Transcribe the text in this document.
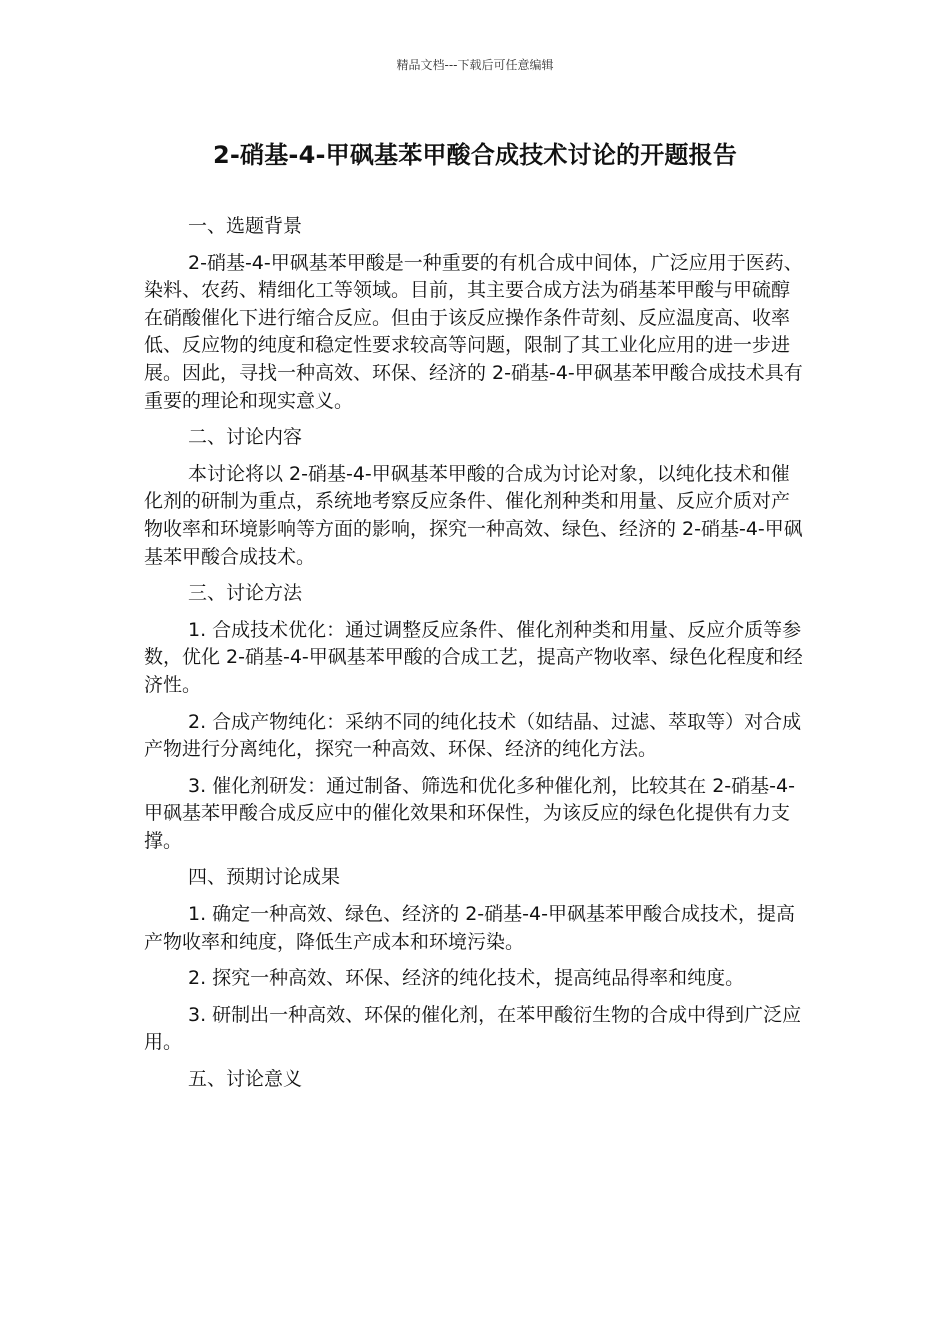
精品文档---下载后可任意编辑
2-硝基-4-甲砜基苯甲酸合成技术讨论的开题报告

一、选题背景

2-硝基-4-甲砜基苯甲酸是一种重要的有机合成中间体，广泛应用于医药、染料、农药、精细化工等领域。目前，其主要合成方法为硝基苯甲酸与甲硫醇在硝酸催化下进行缩合反应。但由于该反应操作条件苛刻、反应温度高、收率低、反应物的纯度和稳定性要求较高等问题，限制了其工业化应用的进一步进展。因此，寻找一种高效、环保、经济的 2-硝基-4-甲砜基苯甲酸合成技术具有重要的理论和现实意义。

二、讨论内容

本讨论将以 2-硝基-4-甲砜基苯甲酸的合成为讨论对象，以纯化技术和催化剂的研制为重点，系统地考察反应条件、催化剂种类和用量、反应介质对产物收率和环境影响等方面的影响，探究一种高效、绿色、经济的 2-硝基-4-甲砜基苯甲酸合成技术。

三、讨论方法

1. 合成技术优化：通过调整反应条件、催化剂种类和用量、反应介质等参数，优化 2-硝基-4-甲砜基苯甲酸的合成工艺，提高产物收率、绿色化程度和经济性。

2. 合成产物纯化：采纳不同的纯化技术（如结晶、过滤、萃取等）对合成产物进行分离纯化，探究一种高效、环保、经济的纯化方法。

3. 催化剂研发：通过制备、筛选和优化多种催化剂，比较其在 2-硝基-4-甲砜基苯甲酸合成反应中的催化效果和环保性，为该反应的绿色化提供有力支撑。

四、预期讨论成果

1. 确定一种高效、绿色、经济的 2-硝基-4-甲砜基苯甲酸合成技术，提高产物收率和纯度，降低生产成本和环境污染。

2. 探究一种高效、环保、经济的纯化技术，提高纯品得率和纯度。

3. 研制出一种高效、环保的催化剂，在苯甲酸衍生物的合成中得到广泛应用。

五、讨论意义
